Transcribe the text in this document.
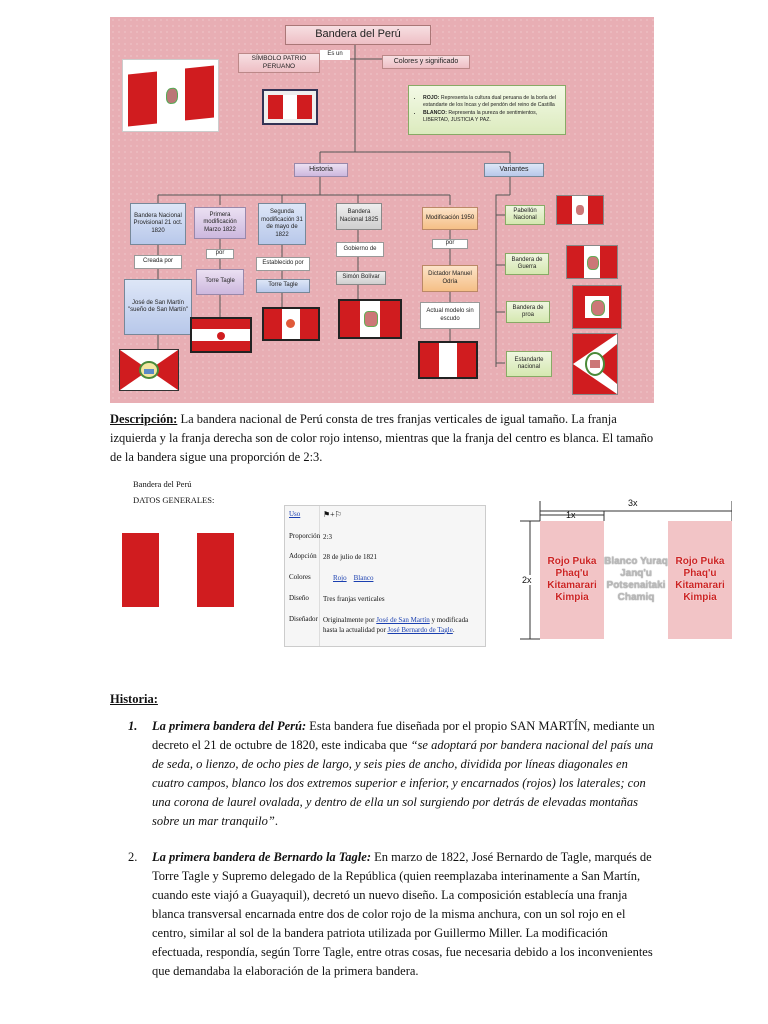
Bandera del Perú
SÍMBOLO PATRIO PERUANO
Es un
Colores y significado
• ROJO: Representa la cultura dual peruana de la borla del estandarte de los Incas y del pendón del reino de Castilla
• BLANCO: Representa la pureza de sentimientos, LIBERTAD, JUSTICIA Y PAZ.
Historia	Variantes
Bandera Nacional Provisional 21 oct. 1820
Creada por
José de San Martín "sueño de San Martín"
Primera modificación Marzo 1822
por
Torre Tagle
Segunda modificación 31 de mayo de 1822
Establecido por
Torre Tagle
Bandera Nacional 1825
Gobierno de
Simón Bolívar
Modificación 1950
por
Dictador Manuel Odría
Actual modelo sin escudo
Pabellón Nacional
Bandera de Guerra
Bandera de proa
Estandarte nacional
Descripción: La bandera nacional de Perú consta de tres franjas verticales de igual tamaño. La franja izquierda y la franja derecha son de color rojo intenso, mientras que la franja del centro es blanca. El tamaño de la bandera sigue una proporción de 2:3.
Bandera del Perú
DATOS GENERALES:
Uso	⚑+⚐
Proporción 2:3
Adopción 28 de julio de 1821
Colores	Rojo Blanco
Diseño Tres franjas verticales
Diseñador Originalmente por José de San Martín y modificada hasta la actualidad por José Bernardo de Tagle.
3x
1x
2x
Rojo Puka Phaq'u Kitamarari Kimpia
Blanco Yuraq Janq'u Potsenaitaki Chamiq
Rojo Puka Phaq'u Kitamarari Kimpia
Historia:
1. La primera bandera del Perú: Esta bandera fue diseñada por el propio SAN MARTÍN, mediante un decreto el 21 de octubre de 1820, este indicaba que “se adoptará por bandera nacional del país una de seda, o lienzo, de ocho pies de largo, y seis pies de ancho, dividida por líneas diagonales en cuatro campos, blanco los dos extremos superior e inferior, y encarnados (rojos) los laterales; con una corona de laurel ovalada, y dentro de ella un sol surgiendo por detrás de elevadas montañas sobre un mar tranquilo”.
2. La primera bandera de Bernardo la Tagle: En marzo de 1822, José Bernardo de Tagle, marqués de Torre Tagle y Supremo delegado de la República (quien reemplazaba interinamente a San Martín, cuando este viajó a Guayaquil), decretó un nuevo diseño. La composición establecía una franja blanca transversal encarnada entre dos de color rojo de la misma anchura, con un sol rojo en el centro, similar al sol de la bandera patriota utilizada por Guillermo Miller. La modificación efectuada, respondía, según Torre Tagle, entre otras cosas, fue necesaria debido a los inconvenientes que demandaba la elaboración de la primera bandera.
